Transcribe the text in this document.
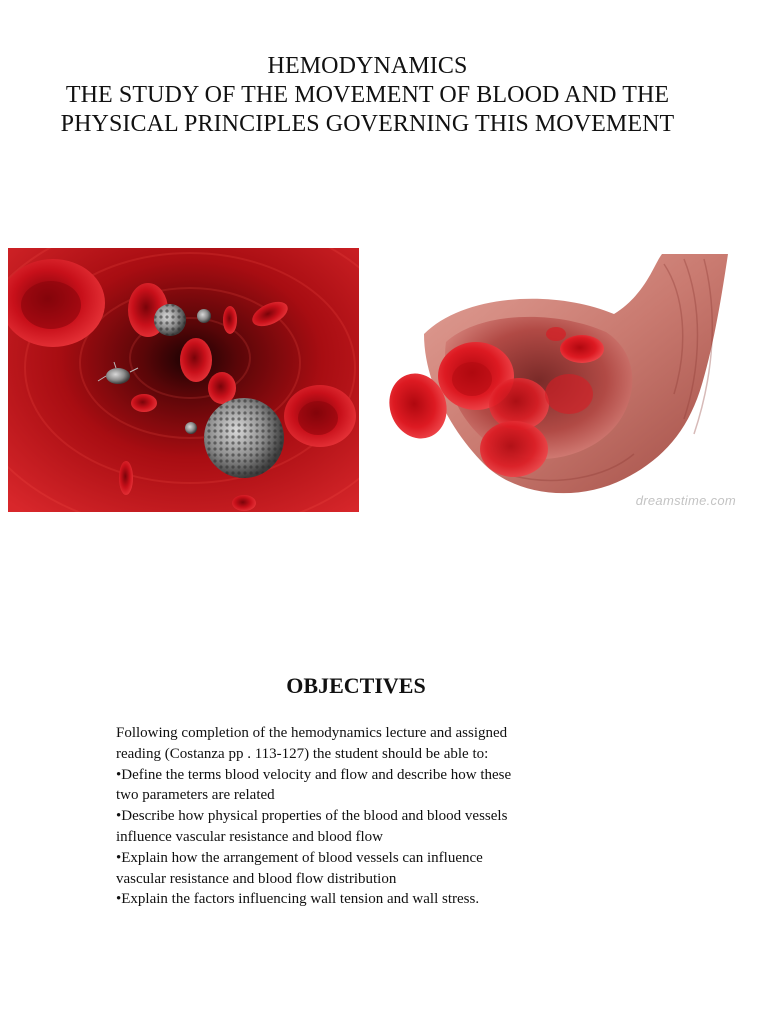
HEMODYNAMICS
THE STUDY OF THE MOVEMENT OF BLOOD AND THE
PHYSICAL PRINCIPLES GOVERNING THIS MOVEMENT
dreamstime.com
OBJECTIVES
Following completion of the hemodynamics lecture and assigned
reading (Costanza pp . 113-127) the student should be able to:
•Define the terms blood velocity and flow and describe how these
two parameters are related
•Describe how physical properties of the blood and blood vessels
influence vascular resistance and blood flow
•Explain how the arrangement of blood vessels can influence
vascular resistance and blood flow distribution
•Explain the factors influencing wall tension and wall stress.
